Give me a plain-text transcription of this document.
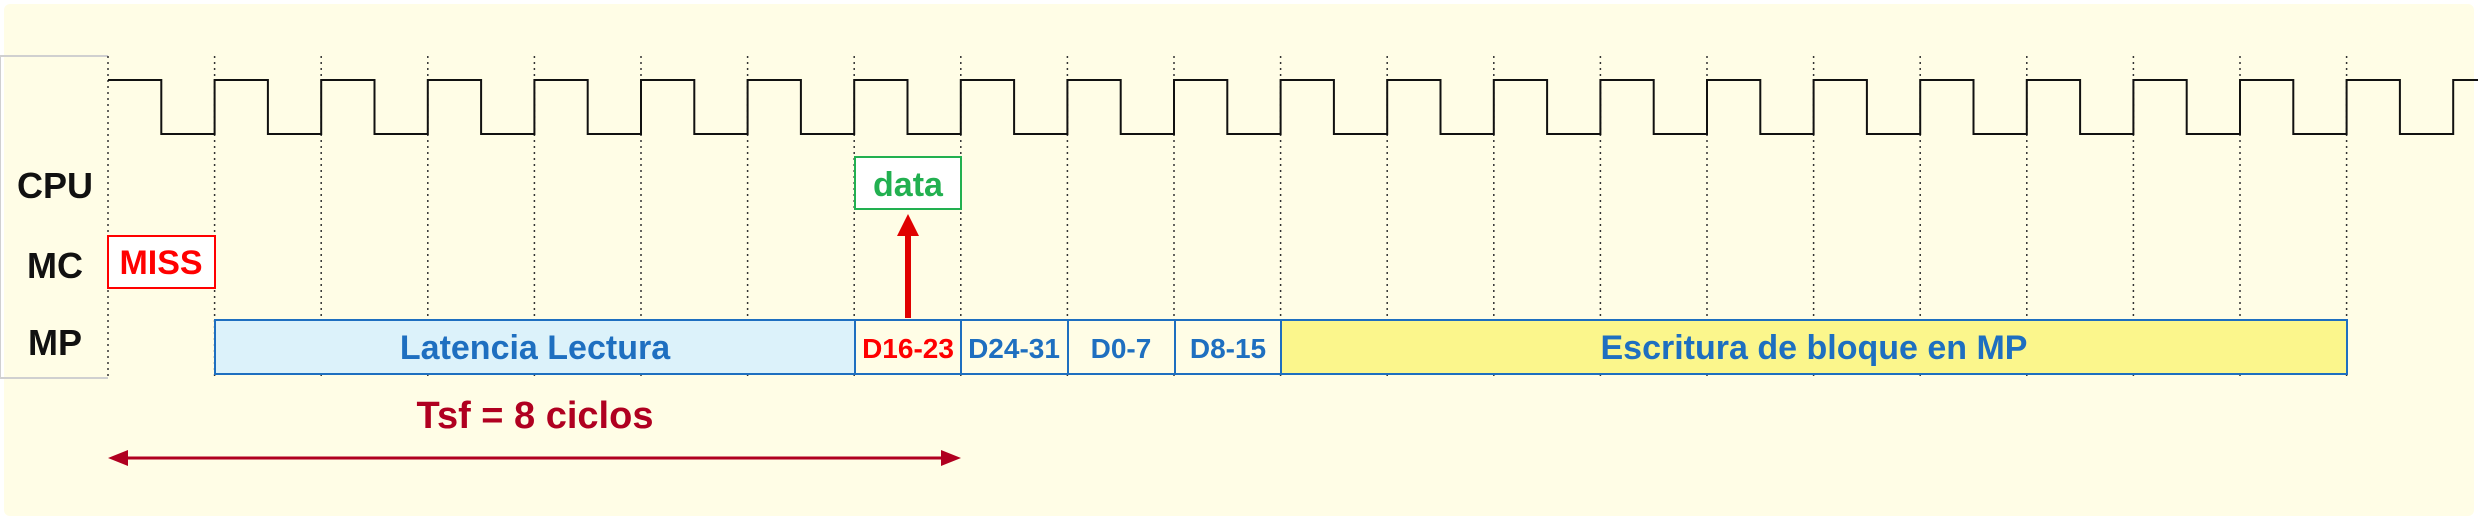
CPU
MC
MP
MISS
data
Latencia Lectura	D16-23 D24-31 D0-7 D8-15	Escritura de bloque en MP
Tsf = 8 ciclos
